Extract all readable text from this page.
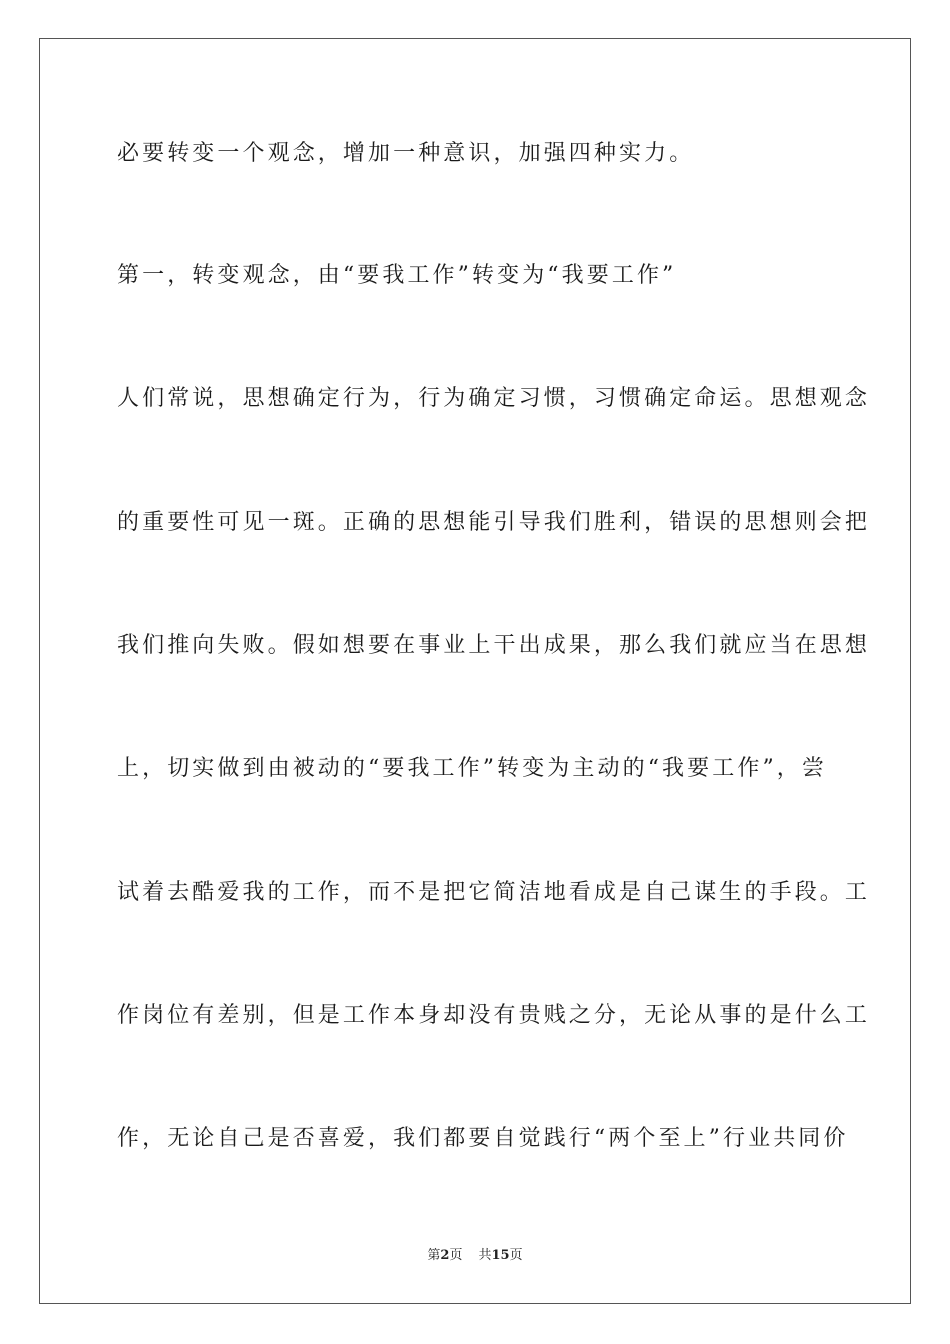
必要转变一个观念，增加一种意识，加强四种实力。
第一，转变观念，由“要我工作”转变为“我要工作”
人们常说，思想确定行为，行为确定习惯，习惯确定命运。思想观念
的重要性可见一斑。正确的思想能引导我们胜利，错误的思想则会把
我们推向失败。假如想要在事业上干出成果，那么我们就应当在思想
上，切实做到由被动的“要我工作”转变为主动的“我要工作”，尝
试着去酷爱我的工作，而不是把它简洁地看成是自己谋生的手段。工
作岗位有差别，但是工作本身却没有贵贱之分，无论从事的是什么工
作，无论自己是否喜爱，我们都要自觉践行“两个至上”行业共同价
第2页 共15页
